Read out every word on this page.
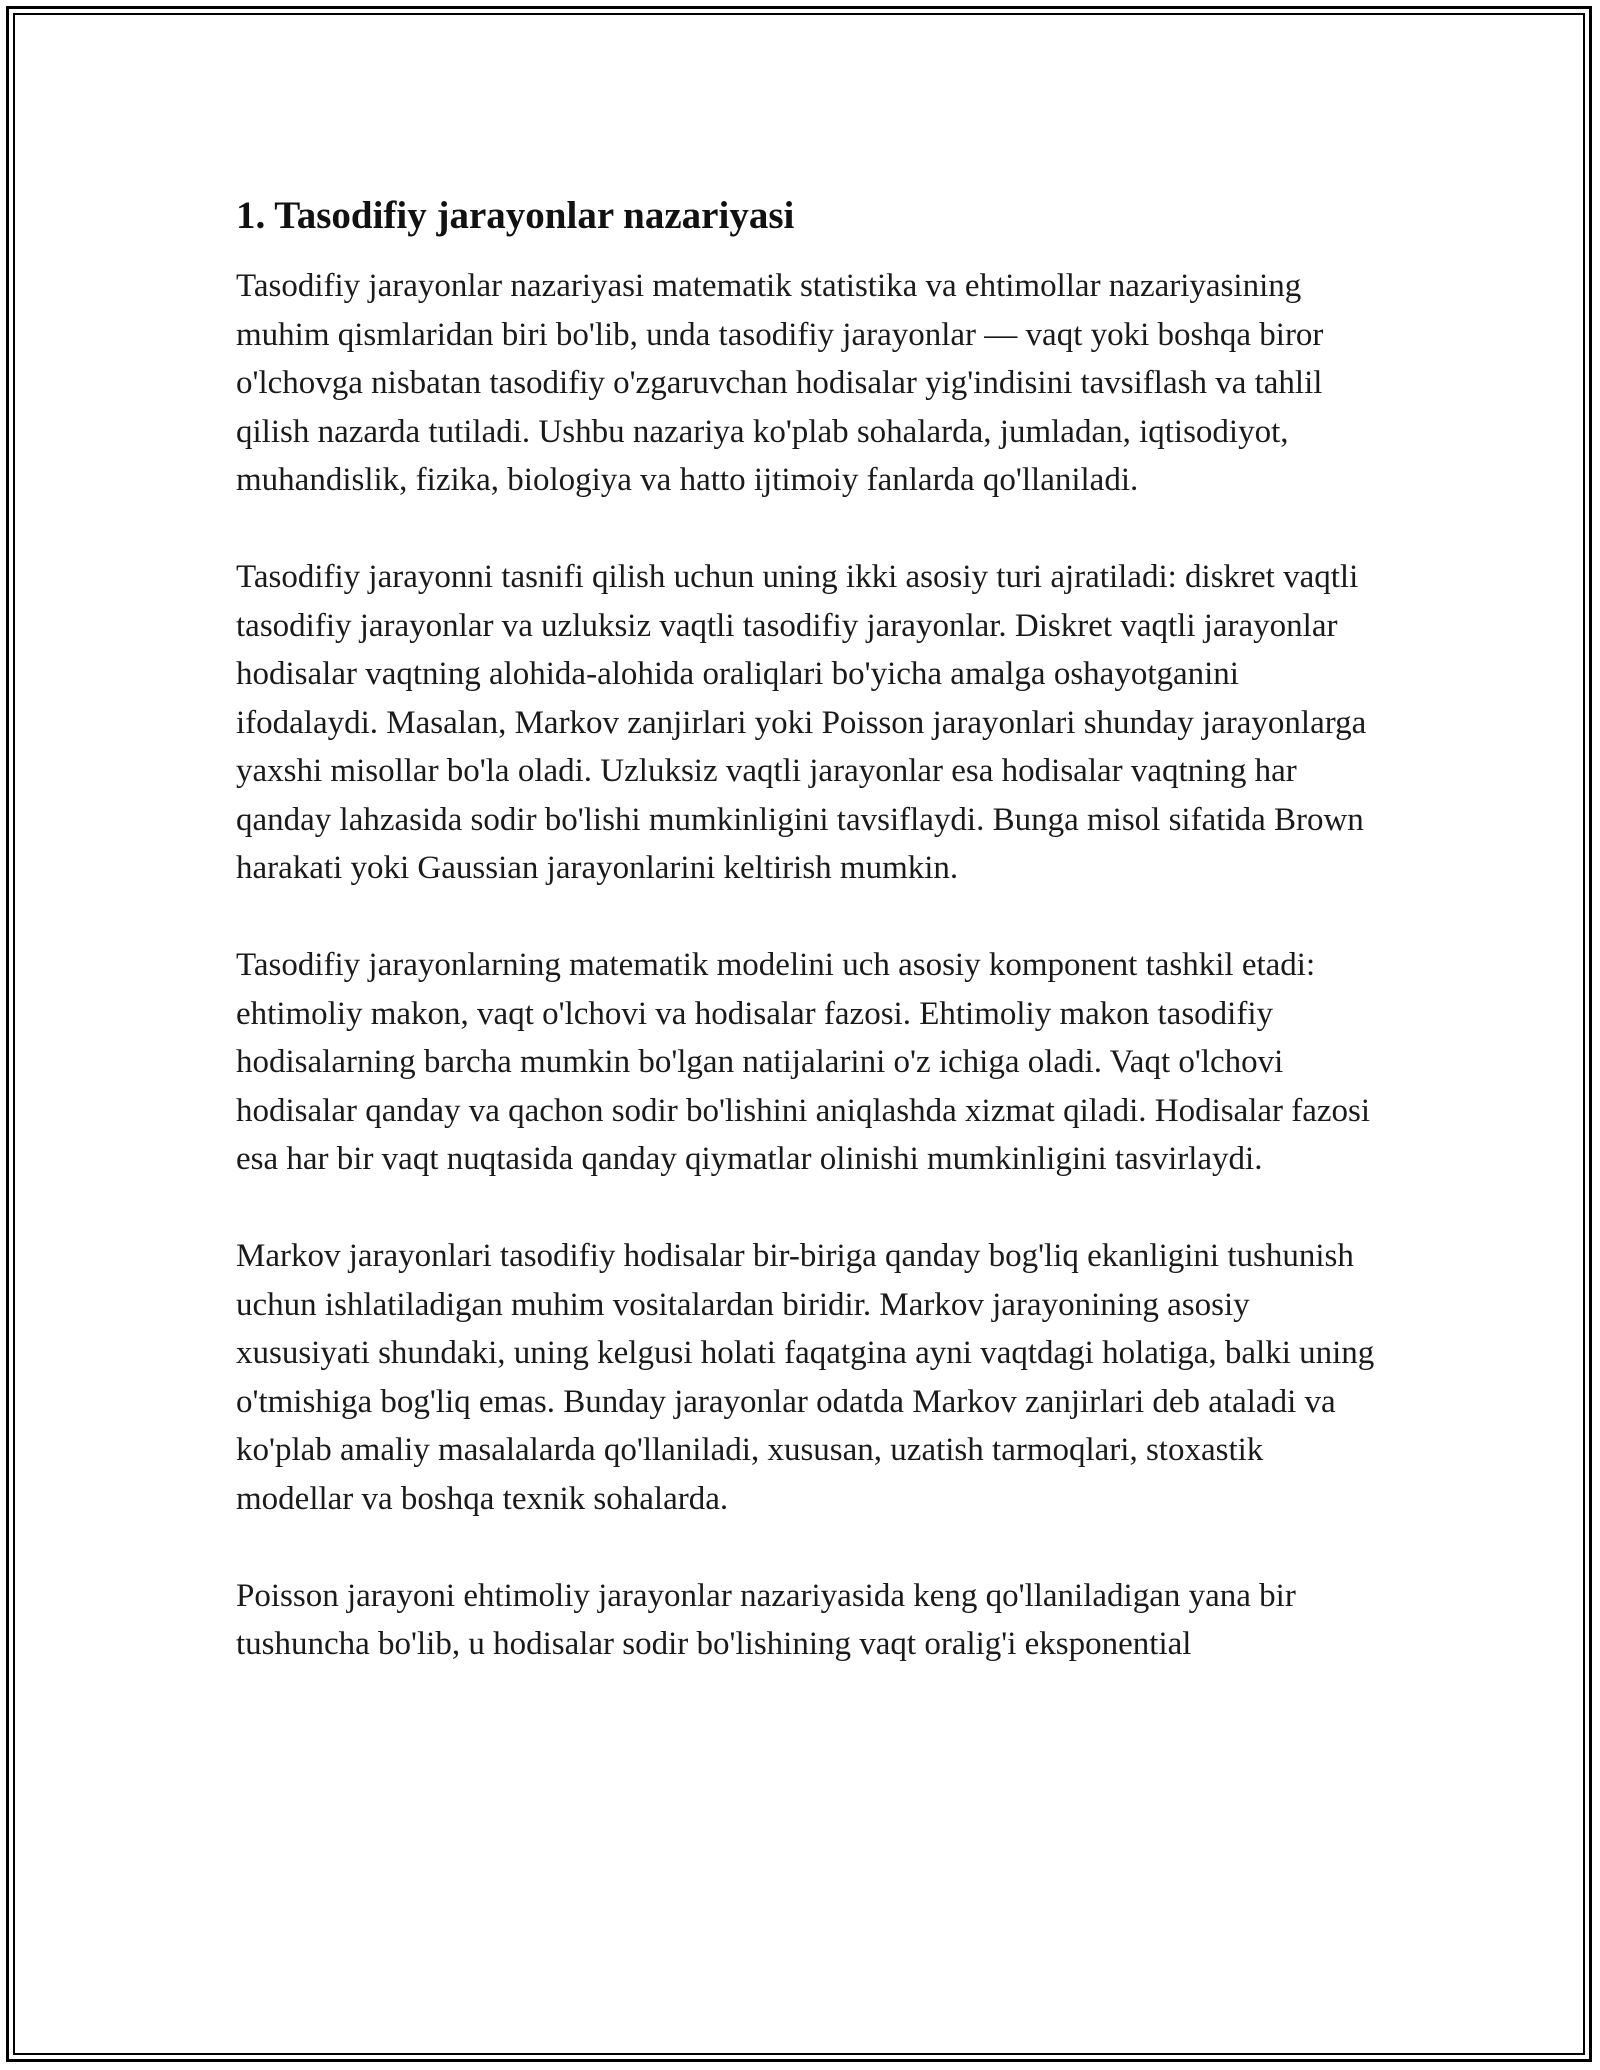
1. Tasodifiy jarayonlar nazariyasi

Tasodifiy jarayonlar nazariyasi matematik statistika va ehtimollar nazariyasining muhim qismlaridan biri bo'lib, unda tasodifiy jarayonlar — vaqt yoki boshqa biror o'lchovga nisbatan tasodifiy o'zgaruvchan hodisalar yig'indisini tavsiflash va tahlil qilish nazarda tutiladi. Ushbu nazariya ko'plab sohalarda, jumladan, iqtisodiyot, muhandislik, fizika, biologiya va hatto ijtimoiy fanlarda qo'llaniladi.

Tasodifiy jarayonni tasnifi qilish uchun uning ikki asosiy turi ajratiladi: diskret vaqtli tasodifiy jarayonlar va uzluksiz vaqtli tasodifiy jarayonlar. Diskret vaqtli jarayonlar hodisalar vaqtning alohida-alohida oraliqlari bo'yicha amalga oshayotganini ifodalaydi. Masalan, Markov zanjirlari yoki Poisson jarayonlari shunday jarayonlarga yaxshi misollar bo'la oladi. Uzluksiz vaqtli jarayonlar esa hodisalar vaqtning har qanday lahzasida sodir bo'lishi mumkinligini tavsiflaydi. Bunga misol sifatida Brown harakati yoki Gaussian jarayonlarini keltirish mumkin.

Tasodifiy jarayonlarning matematik modelini uch asosiy komponent tashkil etadi: ehtimoliy makon, vaqt o'lchovi va hodisalar fazosi. Ehtimoliy makon tasodifiy hodisalarning barcha mumkin bo'lgan natijalarini o'z ichiga oladi. Vaqt o'lchovi hodisalar qanday va qachon sodir bo'lishini aniqlashda xizmat qiladi. Hodisalar fazosi esa har bir vaqt nuqtasida qanday qiymatlar olinishi mumkinligini tasvirlaydi.

Markov jarayonlari tasodifiy hodisalar bir-biriga qanday bog'liq ekanligini tushunish uchun ishlatiladigan muhim vositalardan biridir. Markov jarayonining asosiy xususiyati shundaki, uning kelgusi holati faqatgina ayni vaqtdagi holatiga, balki uning o'tmishiga bog'liq emas. Bunday jarayonlar odatda Markov zanjirlari deb ataladi va ko'plab amaliy masalalarda qo'llaniladi, xususan, uzatish tarmoqlari, stoxastik modellar va boshqa texnik sohalarda.

Poisson jarayoni ehtimoliy jarayonlar nazariyasida keng qo'llaniladigan yana bir tushuncha bo'lib, u hodisalar sodir bo'lishining vaqt oralig'i eksponential
